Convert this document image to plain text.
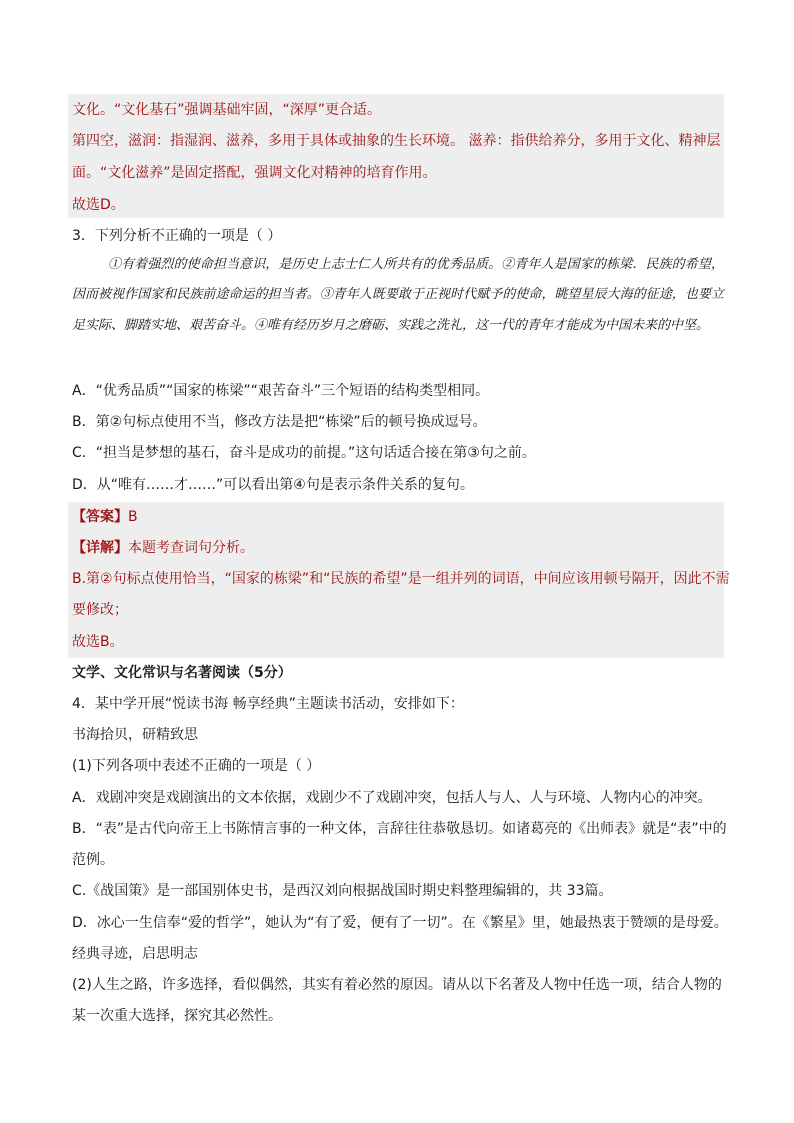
文化。“文化基石”强调基础牢固，“深厚”更合适。
第四空，滋润：指湿润、滋养，多用于具体或抽象的生长环境。 滋养：指供给养分，多用于文化、精神层
面。“文化滋养”是固定搭配，强调文化对精神的培育作用。
故选D。
3．下列分析不正确的一项是（ ）
①有着强烈的使命担当意识，是历史上志士仁人所共有的优秀品质。②青年人是国家的栋梁．民族的希望，因而被视作国家和民族前途命运的担当者。③青年人既要敢于正视时代赋予的使命，眺望星辰大海的征途，也要立足实际、脚踏实地、艰苦奋斗。④唯有经历岁月之磨砺、实践之洗礼，这一代的青年才能成为中国未来的中坚。
A．“优秀品质”“国家的栋梁”“艰苦奋斗”三个短语的结构类型相同。
B．第②句标点使用不当，修改方法是把“栋梁”后的顿号换成逗号。
C．“担当是梦想的基石，奋斗是成功的前提。”这句话适合接在第③句之前。
D．从“唯有……才……”可以看出第④句是表示条件关系的复句。
【答案】B
【详解】本题考查词句分析。
B.第②句标点使用恰当，“国家的栋梁”和“民族的希望”是一组并列的词语，中间应该用顿号隔开，因此不需
要修改；
故选B。
文学、文化常识与名著阅读（5分）
4．某中学开展“悦读书海 畅享经典”主题读书活动，安排如下：
书海拾贝，研精致思
(1)下列各项中表述不正确的一项是（ ）
A．戏剧冲突是戏剧演出的文本依据，戏剧少不了戏剧冲突，包括人与人、人与环境、人物内心的冲突。
B．“表”是古代向帝王上书陈情言事的一种文体，言辞往往恭敬恳切。如诸葛亮的《出师表》就是“表”中的
范例。
C.《战国策》是一部国别体史书，是西汉刘向根据战国时期史料整理编辑的，共 33篇。
D．冰心一生信奉“爱的哲学”，她认为“有了爱，便有了一切”。在《繁星》里，她最热衷于赞颂的是母爱。
经典寻迹，启思明志
(2)人生之路，许多选择，看似偶然，其实有着必然的原因。请从以下名著及人物中任选一项，结合人物的
某一次重大选择，探究其必然性。
